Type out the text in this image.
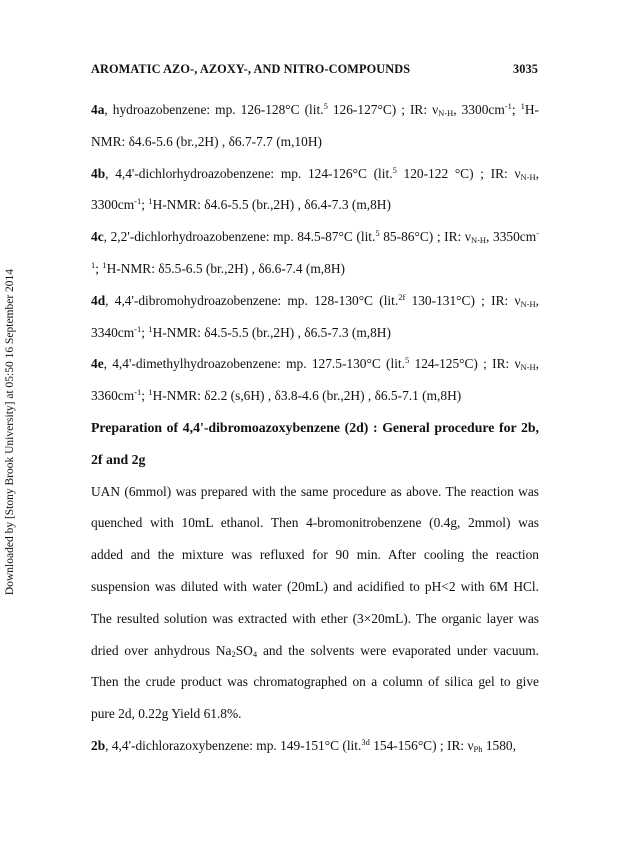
Downloaded by [Stony Brook University] at 05:50 16 September 2014
AROMATIC AZO-, AZOXY-, AND NITRO-COMPOUNDS	3035

4a, hydroazobenzene: mp. 126-128°C (lit.$^5$ 126-127°C) ; IR: $\nu_{N-H}$, $3300cm^{-1}$; $^1$H-NMR: δ4.6-5.6 (br.,2H) , δ6.7-7.7 (m,10H)

4b, 4,4'-dichlorhydroazobenzene: mp. 124-126°C (lit.$^5$ 120-122 °C) ; IR: $\nu_{N-H}$, $3300cm^{-1}$; $^1$H-NMR: δ4.6-5.5 (br.,2H) , δ6.4-7.3 (m,8H)

4c, 2,2'-dichlorhydroazobenzene: mp. 84.5-87°C (lit.$^5$ 85-86°C) ; IR: $\nu_{N-H}$, $3350cm^{-1}$; $^1$H-NMR: δ5.5-6.5 (br.,2H) , δ6.6-7.4 (m,8H)

4d, 4,4'-dibromohydroazobenzene: mp. 128-130°C (lit.$^{2f}$ 130-131°C) ; IR: $\nu_{N-H}$, $3340cm^{-1}$; $^1$H-NMR: δ4.5-5.5 (br.,2H) , δ6.5-7.3 (m,8H)

4e, 4,4'-dimethylhydroazobenzene: mp. 127.5-130°C (lit.$^5$ 124-125°C) ; IR: $\nu_{N-H}$, $3360cm^{-1}$; $^1$H-NMR: δ2.2 (s,6H) , δ3.8-4.6 (br.,2H) , δ6.5-7.1 (m,8H)

Preparation of 4,4'-dibromoazoxybenzene (2d) : General procedure for 2b, 2f and 2g

UAN (6mmol) was prepared with the same procedure as above. The reaction was quenched with 10mL ethanol. Then 4-bromonitrobenzene (0.4g, 2mmol) was added and the mixture was refluxed for 90 min. After cooling the reaction suspension was diluted with water (20mL) and acidified to pH<2 with 6M HCl. The resulted solution was extracted with ether (3×20mL). The organic layer was dried over anhydrous $Na_2SO_4$ and the solvents were evaporated under vacuum. Then the crude product was chromatographed on a column of silica gel to give pure 2d, 0.22g Yield 61.8%.

2b, 4,4'-dichlorazoxybenzene: mp. 149-151°C (lit.$^{3d}$ 154-156°C) ; IR: $\nu_{Ph}$ 1580,
